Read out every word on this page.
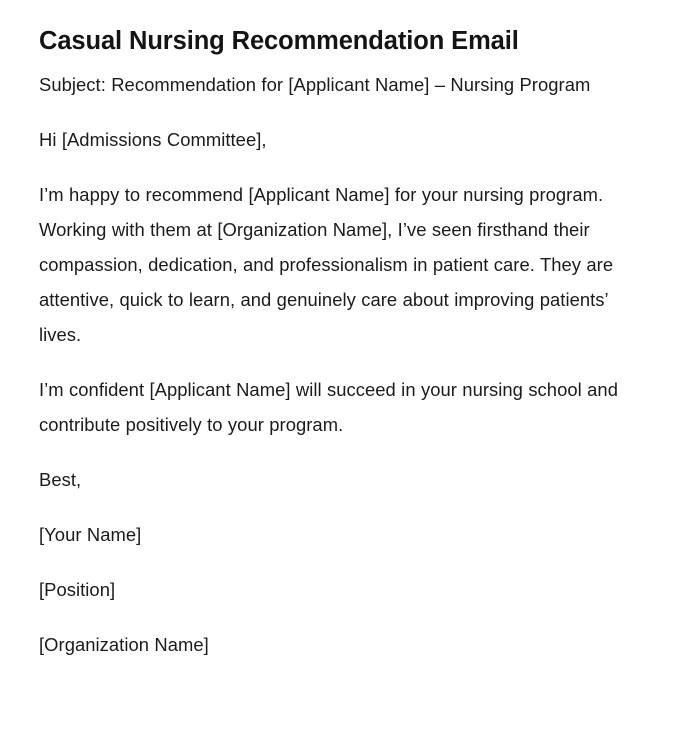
Casual Nursing Recommendation Email

Subject: Recommendation for [Applicant Name] – Nursing Program

Hi [Admissions Committee],

I’m happy to recommend [Applicant Name] for your nursing program. Working with them at [Organization Name], I’ve seen firsthand their compassion, dedication, and professionalism in patient care. They are attentive, quick to learn, and genuinely care about improving patients’ lives.

I’m confident [Applicant Name] will succeed in your nursing school and contribute positively to your program.

Best,

[Your Name]

[Position]

[Organization Name]
